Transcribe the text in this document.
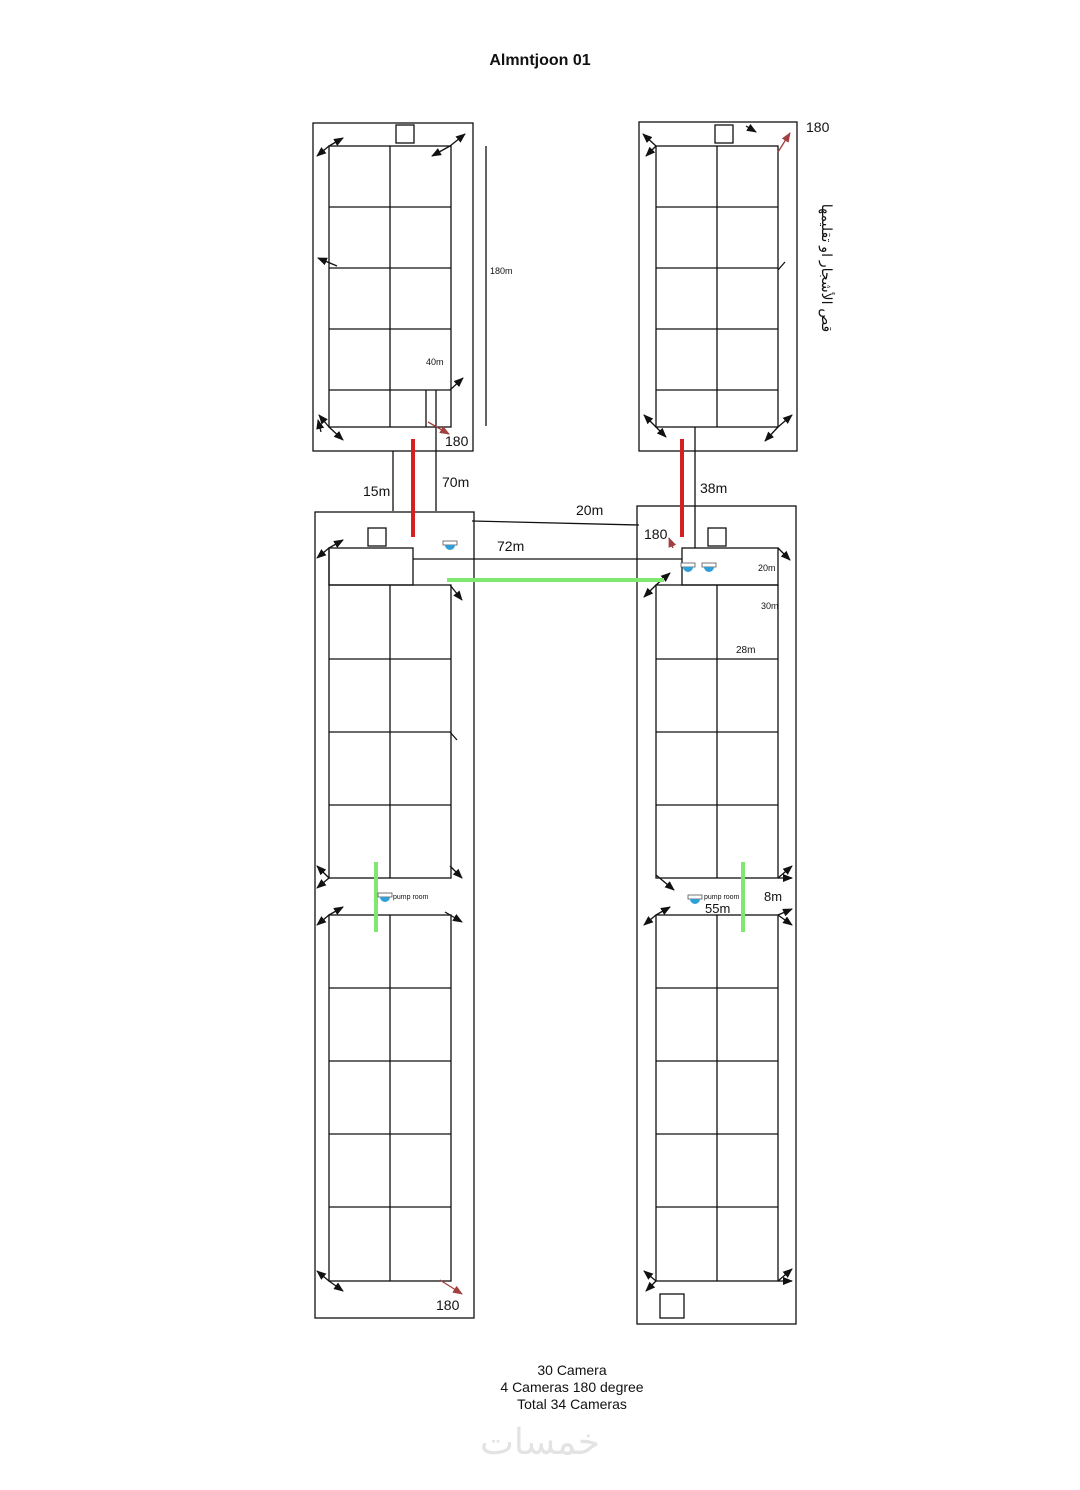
Almntjoon 01
180
قص الأشجار او تقليمها
180m
40m
180
15m
70m	38m
20m
180
72m
20m
30m
28m
pump room	pump room
55m
8m
180
30 Camera
4 Cameras 180 degree
Total 34 Cameras
خمسات
